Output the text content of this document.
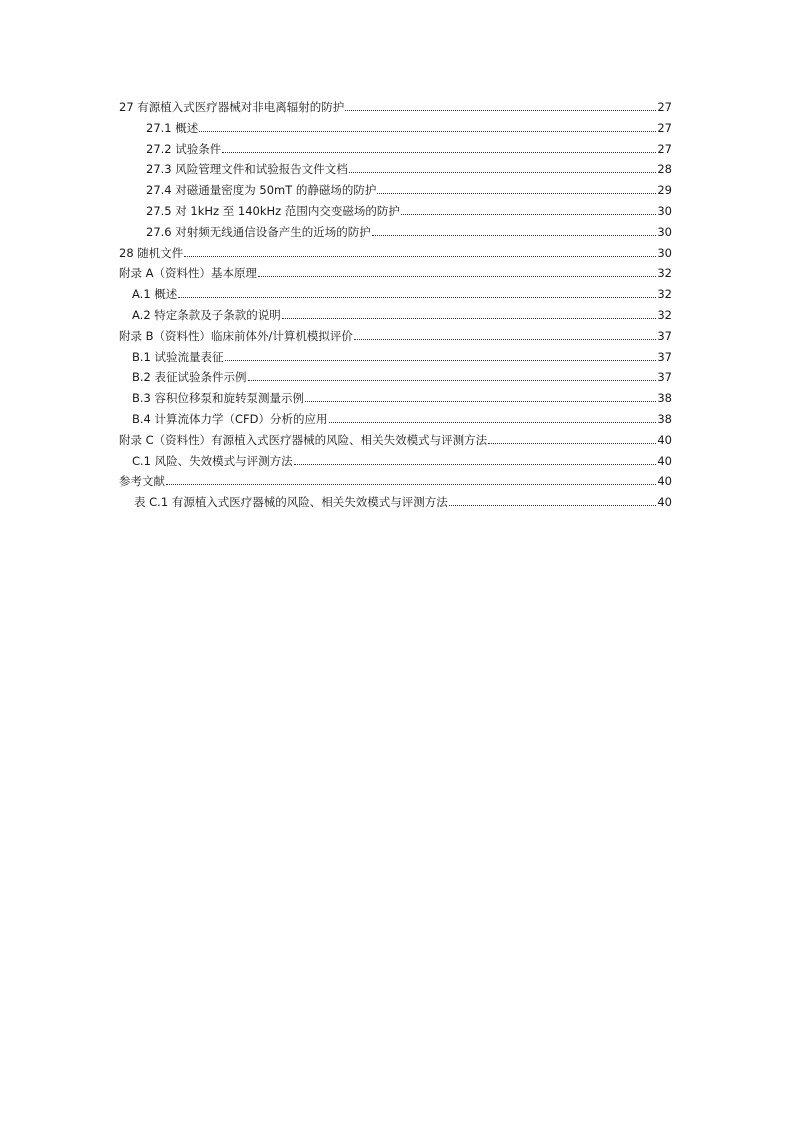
27 有源植入式医疗器械对非电离辐射的防护	27
27.1 概述	27
27.2 试验条件	27
27.3 风险管理文件和试验报告文件文档	28
27.4 对磁通量密度为 50mT 的静磁场的防护	29
27.5 对 1kHz 至 140kHz 范围内交变磁场的防护	30
27.6 对射频无线通信设备产生的近场的防护	30
28 随机文件	30
附录 A（资料性）基本原理	32
A.1 概述	32
A.2 特定条款及子条款的说明	32
附录 B（资料性）临床前体外/计算机模拟评价	37
B.1 试验流量表征	37
B.2 表征试验条件示例	37
B.3 容积位移泵和旋转泵测量示例	38
B.4 计算流体力学（CFD）分析的应用	38
附录 C（资料性）有源植入式医疗器械的风险、相关失效模式与评测方法	40
C.1 风险、失效模式与评测方法	40
参考文献	40
表 C.1 有源植入式医疗器械的风险、相关失效模式与评测方法	40
